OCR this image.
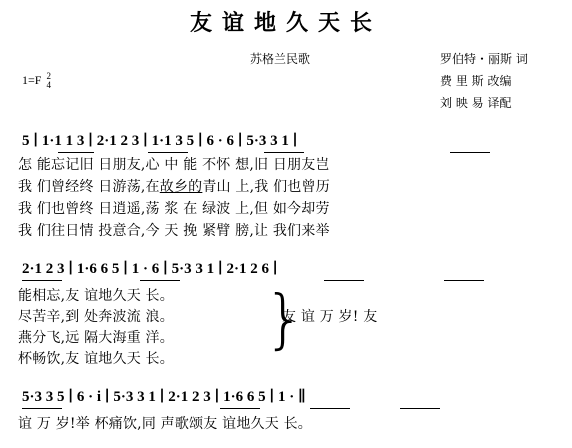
友谊地久天长
苏格兰民歌	罗伯特・丽斯 词
费 里 斯 改编
刘 映 易 译配
1=F 2
4
5 ∣ 1·1 1 3 ∣ 2·1 2 3 ∣ 1·1 3 5 ∣ 6 · 6 ∣ 5·3 3 1 ∣
怎 能忘记旧 日朋友,心 中 能 不怀 想,旧 日朋友岂
我 们曾经终 日游荡,在故乡的青山 上,我 们也曾历
我 们也曾终 日逍遥,荡 浆 在 绿波 上,但 如今却劳
我 们往日情 投意合,今 天 挽 紧臂 膀,让 我们来举
2·1 2 3 ∣ 1·6 6 5 ∣ 1 · 6 ∣ 5·3 3 1 ∣ 2·1 2 6 ∣
能相忘,友 谊地久天 长。
尽苦辛,到 处奔波流 浪。
燕分飞,远 隔大海重 洋。
杯畅饮,友 谊地久天 长。
}
友 谊 万 岁! 友
5·3 3 5 ∣ 6 · i ∣ 5·3 3 1 ∣ 2·1 2 3 ∣ 1·6 6 5 ∣ 1 · ∥
谊 万 岁!举 杯痛饮,同 声歌颂友 谊地久天 长。
